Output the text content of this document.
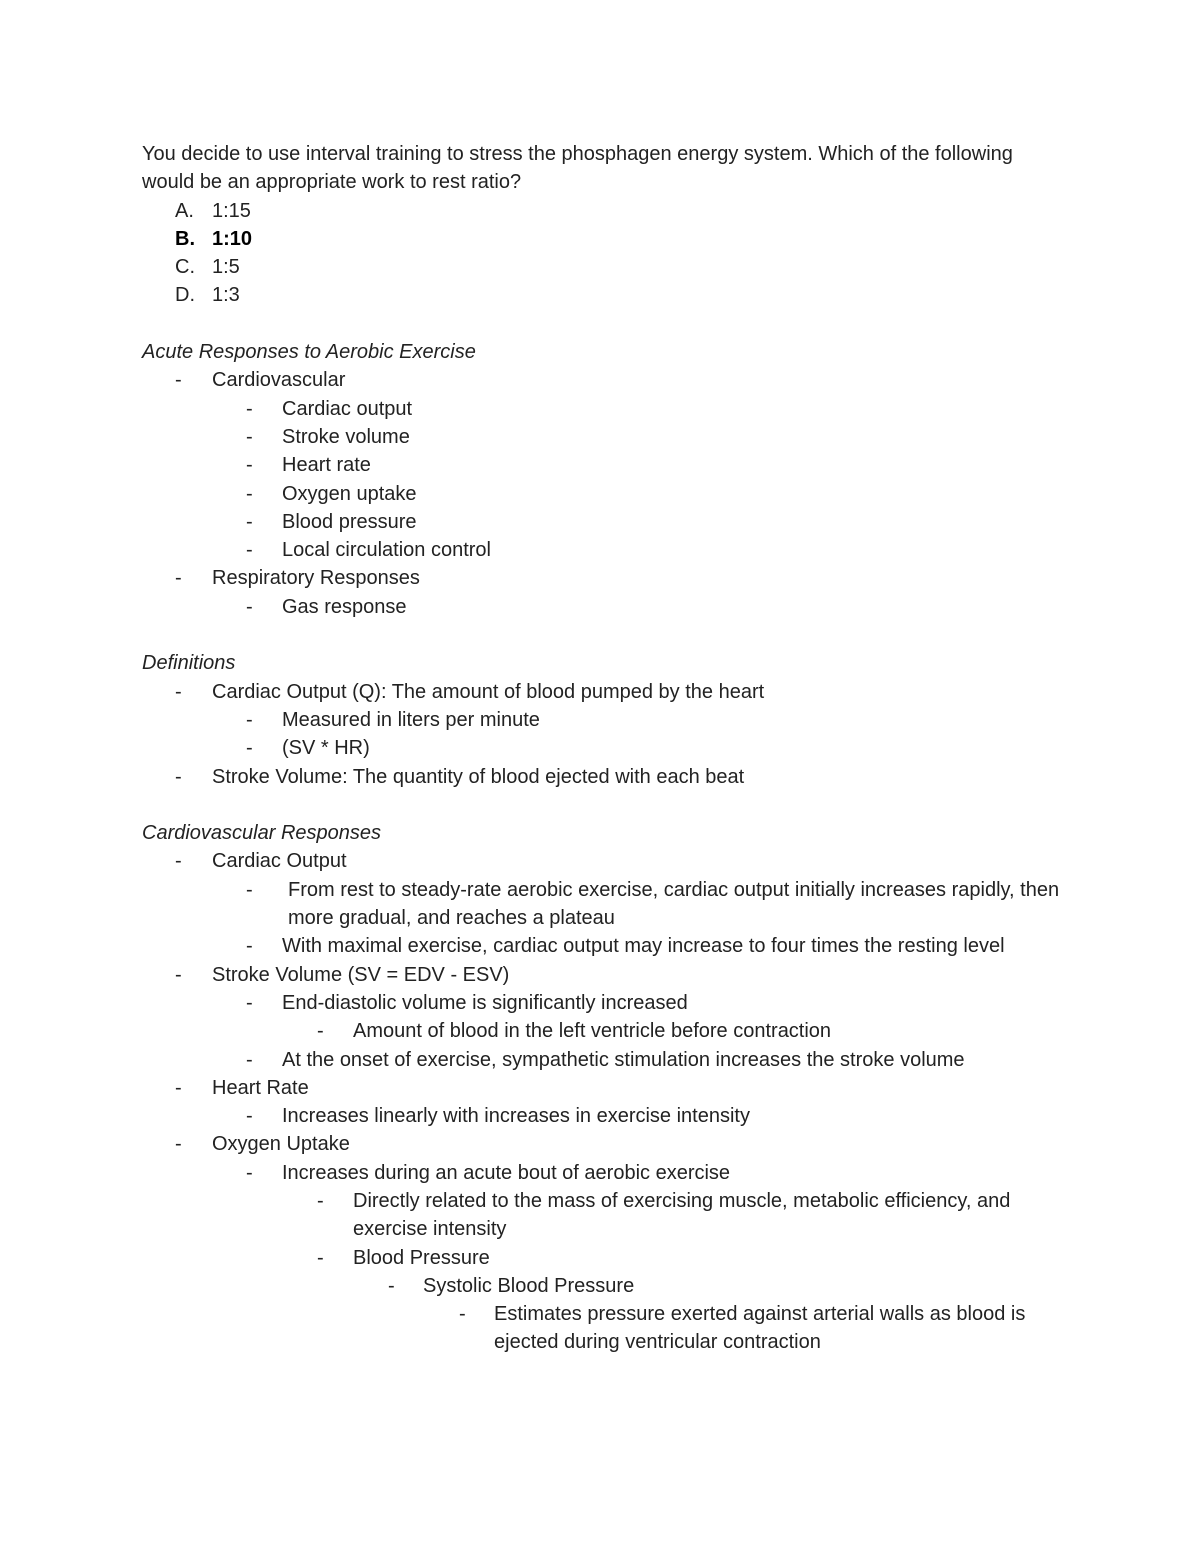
You decide to use interval training to stress the phosphagen energy system. Which of the following would be an appropriate work to rest ratio?

A. 1:15
B. 1:10
C. 1:5
D. 1:3

Acute Responses to Aerobic Exercise

- Cardiovascular
- Cardiac output
- Stroke volume
- Heart rate
- Oxygen uptake
- Blood pressure
- Local circulation control
- Respiratory Responses
- Gas response

Definitions

- Cardiac Output (Q): The amount of blood pumped by the heart
- Measured in liters per minute
- (SV * HR)
- Stroke Volume: The quantity of blood ejected with each beat

Cardiovascular Responses

- Cardiac Output
- From rest to steady-rate aerobic exercise, cardiac output initially increases rapidly, then more gradual, and reaches a plateau
- With maximal exercise, cardiac output may increase to four times the resting level
- Stroke Volume (SV = EDV - ESV)
- End-diastolic volume is significantly increased
- Amount of blood in the left ventricle before contraction
- At the onset of exercise, sympathetic stimulation increases the stroke volume
- Heart Rate
- Increases linearly with increases in exercise intensity
- Oxygen Uptake
- Increases during an acute bout of aerobic exercise
- Directly related to the mass of exercising muscle, metabolic efficiency, and exercise intensity
- Blood Pressure
- Systolic Blood Pressure
- Estimates pressure exerted against arterial walls as blood is ejected during ventricular contraction
